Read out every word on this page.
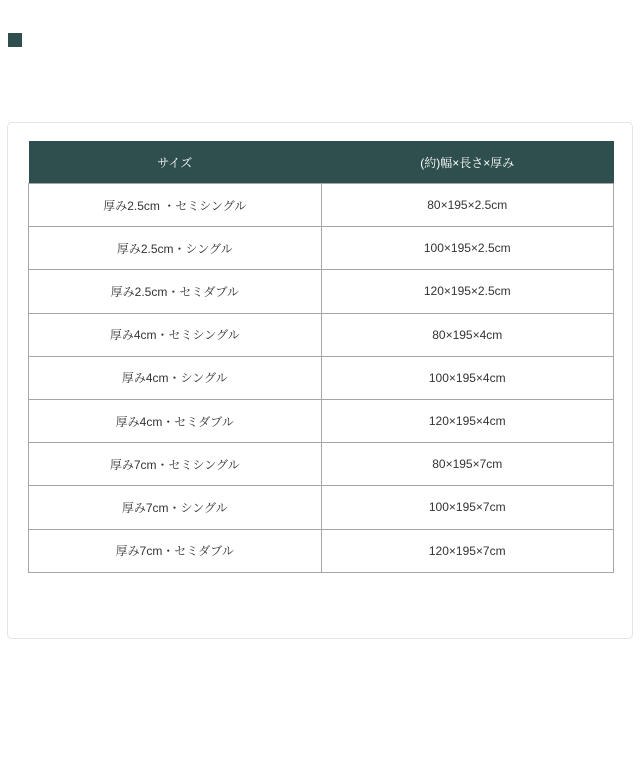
サイズ	(約)幅×長さ×厚み
厚み2.5cm ・セミシングル	80×195×2.5cm
厚み2.5cm・シングル	100×195×2.5cm
厚み2.5cm・セミダブル	120×195×2.5cm
厚み4cm・セミシングル	80×195×4cm
厚み4cm・シングル	100×195×4cm
厚み4cm・セミダブル	120×195×4cm
厚み7cm・セミシングル	80×195×7cm
厚み7cm・シングル	100×195×7cm
厚み7cm・セミダブル	120×195×7cm
